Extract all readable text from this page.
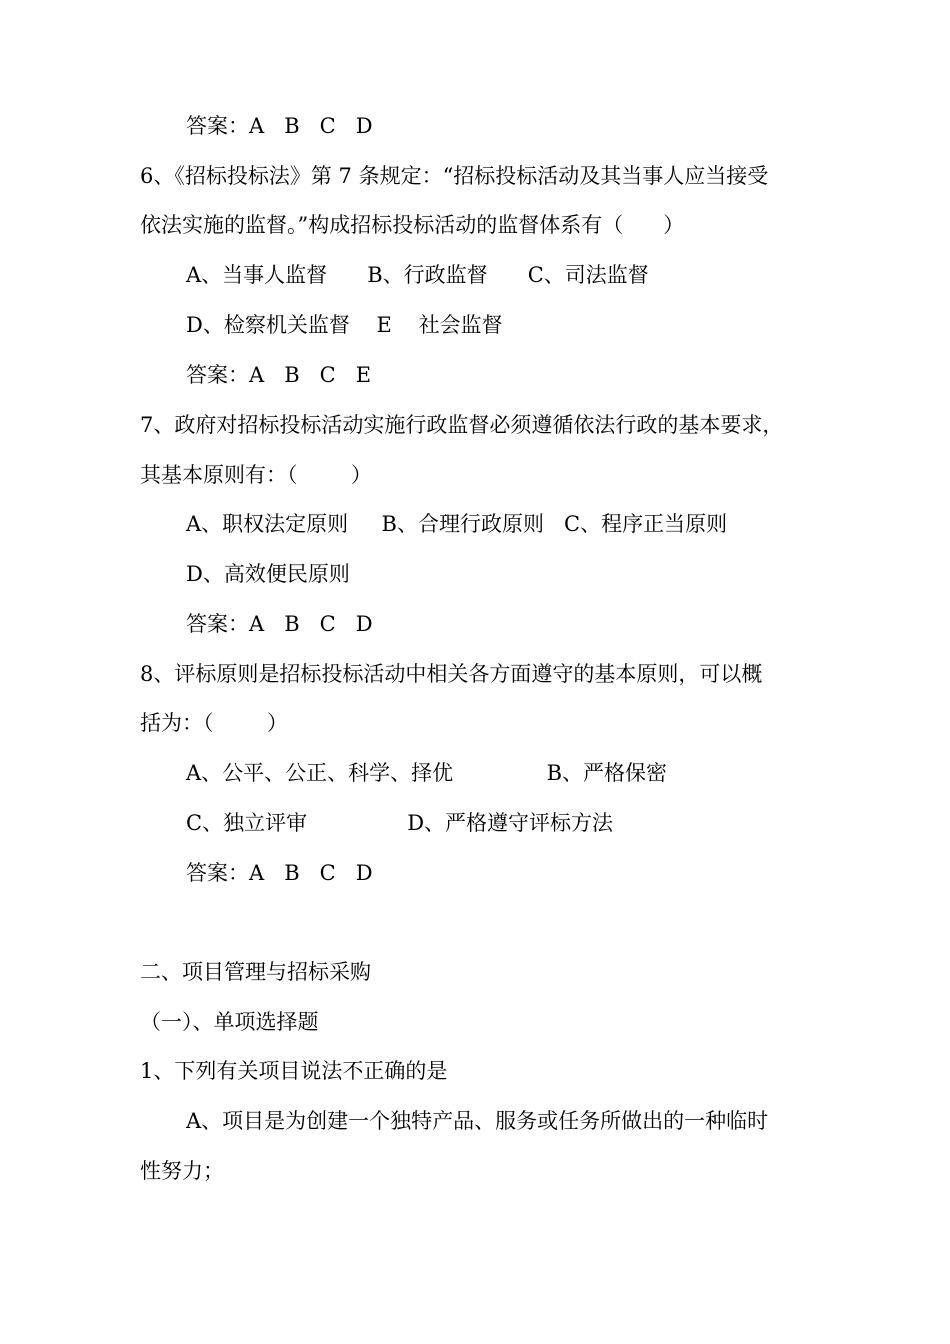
答案：A   B   C   D
6、《招标投标法》第 7 条规定：“招标投标活动及其当事人应当接受
依法实施的监督。”构成招标投标活动的监督体系有（      ）
A、当事人监督      B、行政监督      C、司法监督
D、检察机关监督    E    社会监督
答案：A   B   C   E
7、政府对招标投标活动实施行政监督必须遵循依法行政的基本要求，
其基本原则有：（        ）
A、职权法定原则     B、合理行政原则   C、程序正当原则
D、高效便民原则
答案：A   B   C   D
8、评标原则是招标投标活动中相关各方面遵守的基本原则，可以概
括为：（        ）
A、公平、公正、科学、择优              B、严格保密
C、独立评审               D、严格遵守评标方法
答案：A   B   C   D
二、项目管理与招标采购
（一）、单项选择题
1、下列有关项目说法不正确的是
A、项目是为创建一个独特产品、服务或任务所做出的一种临时
性努力；
